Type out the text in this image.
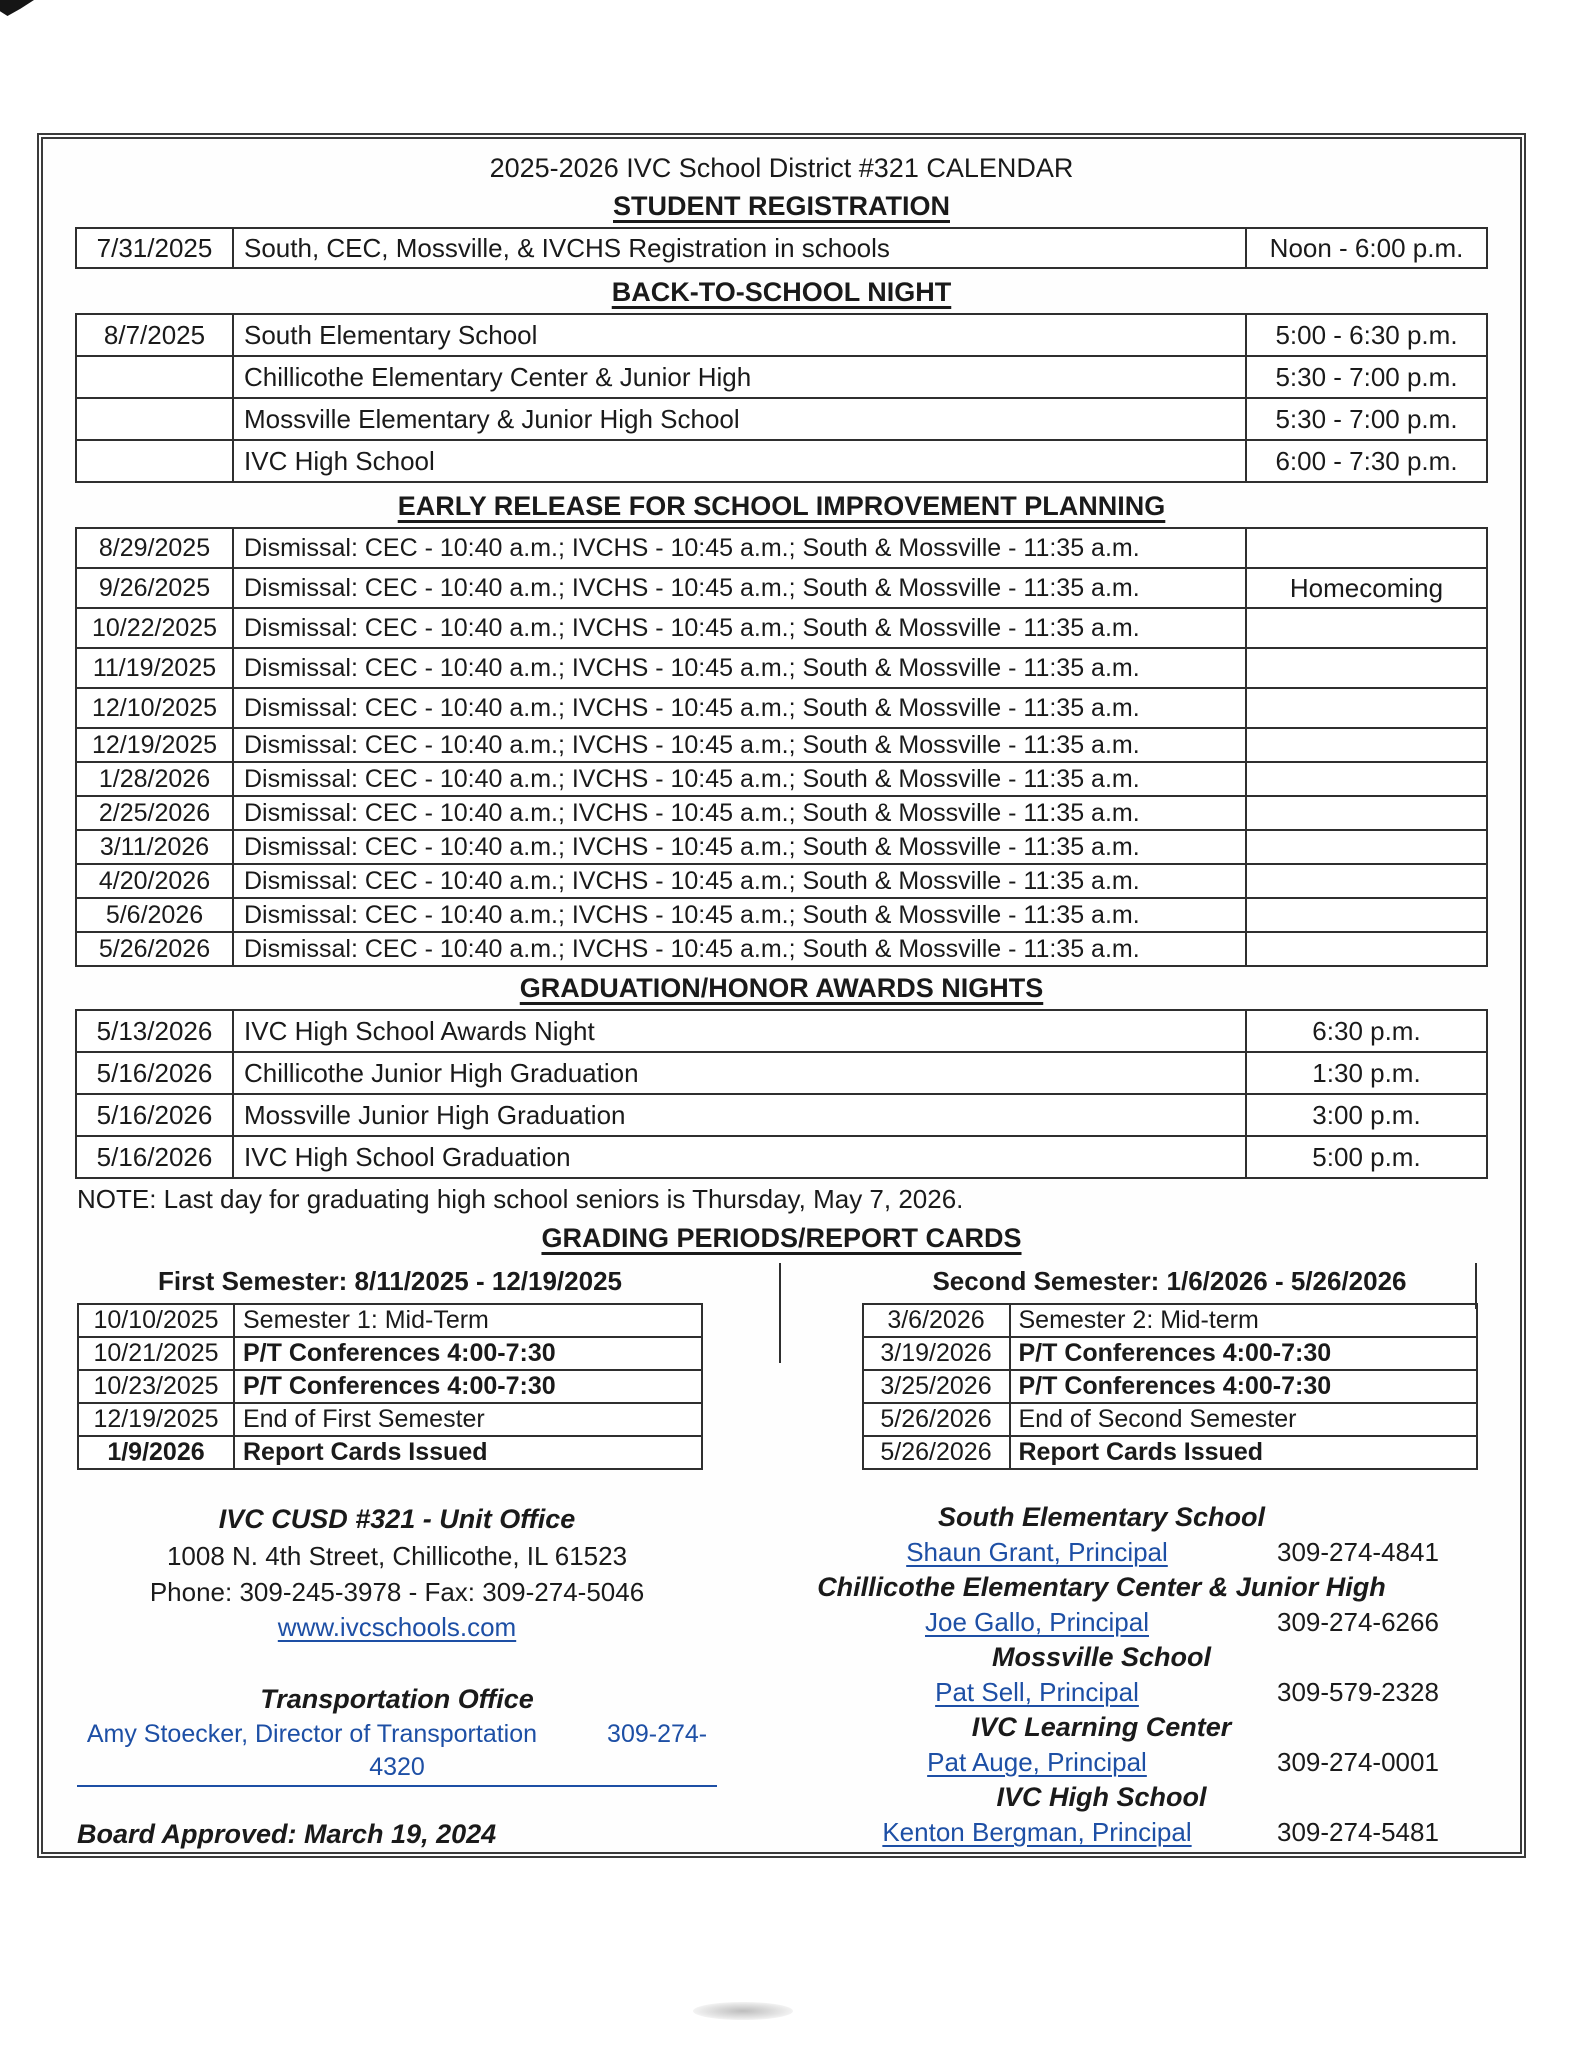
2025-2026 IVC School District #321 CALENDAR
STUDENT REGISTRATION
7/31/2025	South, CEC, Mossville, & IVCHS Registration in schools	Noon - 6:00 p.m.
BACK-TO-SCHOOL NIGHT
8/7/2025	South Elementary School	5:00 - 6:30 p.m.
Chillicothe Elementary Center & Junior High	5:30 - 7:00 p.m.
Mossville Elementary & Junior High School	5:30 - 7:00 p.m.
IVC High School	6:00 - 7:30 p.m.
EARLY RELEASE FOR SCHOOL IMPROVEMENT PLANNING
8/29/2025	Dismissal: CEC - 10:40 a.m.; IVCHS - 10:45 a.m.; South & Mossville - 11:35 a.m.
9/26/2025	Dismissal: CEC - 10:40 a.m.; IVCHS - 10:45 a.m.; South & Mossville - 11:35 a.m.	Homecoming
10/22/2025	Dismissal: CEC - 10:40 a.m.; IVCHS - 10:45 a.m.; South & Mossville - 11:35 a.m.
11/19/2025	Dismissal: CEC - 10:40 a.m.; IVCHS - 10:45 a.m.; South & Mossville - 11:35 a.m.
12/10/2025	Dismissal: CEC - 10:40 a.m.; IVCHS - 10:45 a.m.; South & Mossville - 11:35 a.m.
12/19/2025	Dismissal: CEC - 10:40 a.m.; IVCHS - 10:45 a.m.; South & Mossville - 11:35 a.m.
1/28/2026	Dismissal: CEC - 10:40 a.m.; IVCHS - 10:45 a.m.; South & Mossville - 11:35 a.m.
2/25/2026	Dismissal: CEC - 10:40 a.m.; IVCHS - 10:45 a.m.; South & Mossville - 11:35 a.m.
3/11/2026	Dismissal: CEC - 10:40 a.m.; IVCHS - 10:45 a.m.; South & Mossville - 11:35 a.m.
4/20/2026	Dismissal: CEC - 10:40 a.m.; IVCHS - 10:45 a.m.; South & Mossville - 11:35 a.m.
5/6/2026	Dismissal: CEC - 10:40 a.m.; IVCHS - 10:45 a.m.; South & Mossville - 11:35 a.m.
5/26/2026	Dismissal: CEC - 10:40 a.m.; IVCHS - 10:45 a.m.; South & Mossville - 11:35 a.m.
GRADUATION/HONOR AWARDS NIGHTS
5/13/2026	IVC High School Awards Night	6:30 p.m.
5/16/2026	Chillicothe Junior High Graduation	1:30 p.m.
5/16/2026	Mossville Junior High Graduation	3:00 p.m.
5/16/2026	IVC High School Graduation	5:00 p.m.
NOTE: Last day for graduating high school seniors is Thursday, May 7, 2026.
GRADING PERIODS/REPORT CARDS
First Semester: 8/11/2025 - 12/19/2025
10/10/2025 Semester 1: Mid-Term
10/21/2025 P/T Conferences 4:00-7:30
10/23/2025 P/T Conferences 4:00-7:30
12/19/2025 End of First Semester
1/9/2026	Report Cards Issued
Second Semester: 1/6/2026 - 5/26/2026
3/6/2026	Semester 2: Mid-term
3/19/2026	P/T Conferences 4:00-7:30
3/25/2026	P/T Conferences 4:00-7:30
5/26/2026	End of Second Semester
5/26/2026	Report Cards Issued
IVC CUSD #321 - Unit Office
1008 N. 4th Street, Chillicothe, IL 61523
Phone: 309-245-3978 - Fax: 309-274-5046
www.ivcschools.com
Transportation Office
Amy Stoecker, Director of Transportation	309-274-4320
Board Approved: March 19, 2024
South Elementary School
Shaun Grant, Principal	309-274-4841
Chillicothe Elementary Center & Junior High
Joe Gallo, Principal	309-274-6266
Mossville School
Pat Sell, Principal	309-579-2328
IVC Learning Center
Pat Auge, Principal	309-274-0001
IVC High School
Kenton Bergman, Principal	309-274-5481
